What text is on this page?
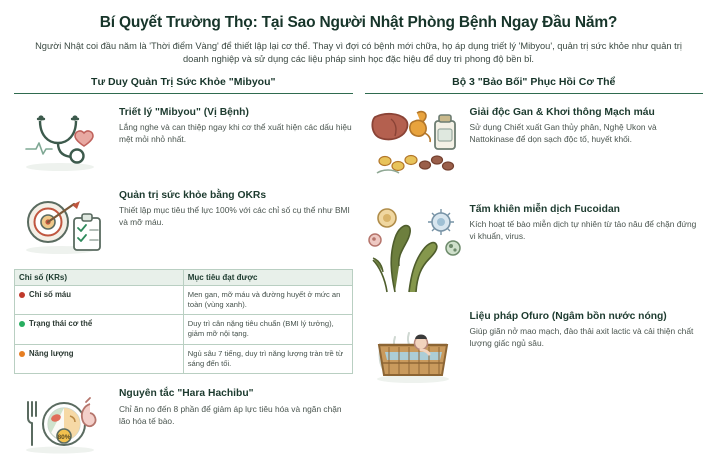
Bí Quyết Trường Thọ: Tại Sao Người Nhật Phòng Bệnh Ngay Đầu Năm?
Người Nhật coi đầu năm là 'Thời điểm Vàng' để thiết lập lại cơ thể. Thay vì đợi có bệnh mới chữa, họ áp dụng triết lý 'Mibyou', quản trị sức khỏe như quản trị doanh nghiệp và sử dụng các liệu pháp sinh học đặc hiệu để duy trì phong độ bền bỉ.
Tư Duy Quản Trị Sức Khỏe "Mibyou"
Triết lý "Mibyou" (Vị Bệnh)
Lắng nghe và can thiệp ngay khi cơ thể xuất hiện các dấu hiệu mệt mỏi nhỏ nhất.
Quản trị sức khỏe bằng OKRs
Thiết lập mục tiêu thể lực 100% với các chỉ số cụ thể như BMI và mỡ máu.
Chỉ số (KRs)	Mục tiêu đạt được

Chỉ số máu	Men gan, mỡ máu và đường huyết ở mức an toàn (vùng xanh).

Trạng thái cơ thể	Duy trì cân nặng tiêu chuẩn (BMI lý tưởng), giảm mỡ nội tạng.

Năng lượng	Ngủ sâu 7 tiếng, duy trì năng lượng tràn trề từ sáng đến tối.
80%
Nguyên tắc "Hara Hachibu"
Chỉ ăn no đến 8 phần để giảm áp lực tiêu hóa và ngăn chặn lão hóa tế bào.
Bộ 3 "Bảo Bối" Phục Hồi Cơ Thể
Giải độc Gan & Khơi thông Mạch máu
Sử dụng Chiết xuất Gan thủy phân, Nghệ Ukon và Nattokinase để dọn sạch độc tố, huyết khối.
Tấm khiên miễn dịch Fucoidan
Kích hoạt tế bào miễn dịch tự nhiên từ tảo nâu để chặn đứng vi khuẩn, virus.
Liệu pháp Ofuro (Ngâm bồn nước nóng)
Giúp giãn nở mao mạch, đào thải axit lactic và cải thiện chất lượng giấc ngủ sâu.
